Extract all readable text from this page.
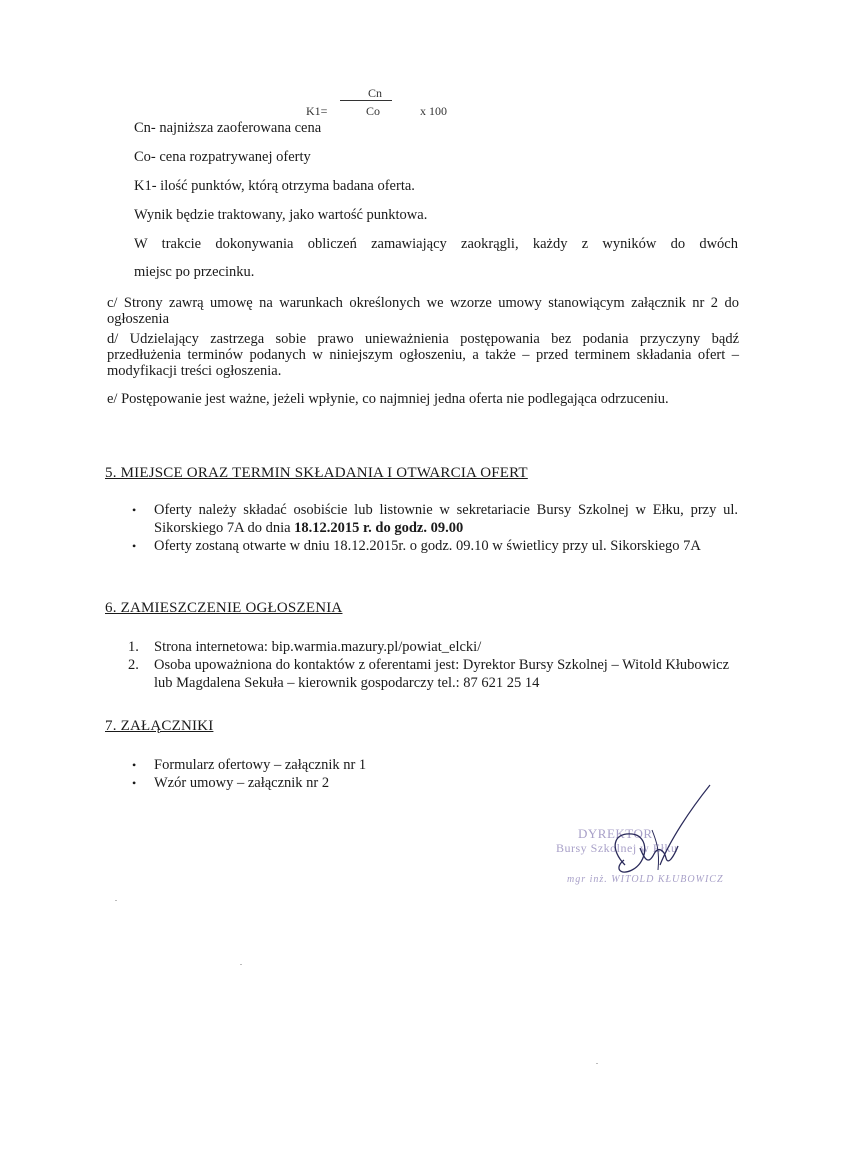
Cn
K1=	Co	x 100
Cn- najniższa zaoferowana cena
Co- cena rozpatrywanej oferty
K1- ilość punktów, którą otrzyma badana oferta.
Wynik będzie traktowany, jako wartość punktowa.
W trakcie dokonywania obliczeń zamawiający zaokrągli, każdy z wyników do dwóch
miejsc po przecinku.

c/ Strony zawrą umowę na warunkach określonych we wzorze umowy stanowiącym załącznik nr 2 do ogłoszenia

d/ Udzielający zastrzega sobie prawo unieważnienia postępowania bez podania przyczyny bądź przedłużenia terminów podanych w niniejszym ogłoszeniu, a także – przed terminem składania ofert – modyfikacji treści ogłoszenia.

e/ Postępowanie jest ważne, jeżeli wpłynie, co najmniej jedna oferta nie podlegająca odrzuceniu.

5. MIEJSCE ORAZ TERMIN SKŁADANIA I OTWARCIA OFERT
• Oferty należy składać osobiście lub listownie w sekretariacie Bursy Szkolnej w Ełku, przy ul. Sikorskiego 7A do dnia 18.12.2015 r. do godz. 09.00
• Oferty zostaną otwarte w dniu 18.12.2015r. o godz. 09.10 w świetlicy przy ul. Sikorskiego 7A
6. ZAMIESZCZENIE OGŁOSZENIA
1. Strona internetowa: bip.warmia.mazury.pl/powiat_elcki/
2. Osoba upoważniona do kontaktów z oferentami jest: Dyrektor Bursy Szkolnej – Witold Kłubowicz lub Magdalena Sekuła – kierownik gospodarczy tel.: 87 621 25 14
7. ZAŁĄCZNIKI
• Formularz ofertowy – załącznik nr 1
• Wzór umowy – załącznik nr 2
DYREKTOR
Bursy Szkolnej w Ełku
mgr inż. WITOLD KŁUBOWICZ
